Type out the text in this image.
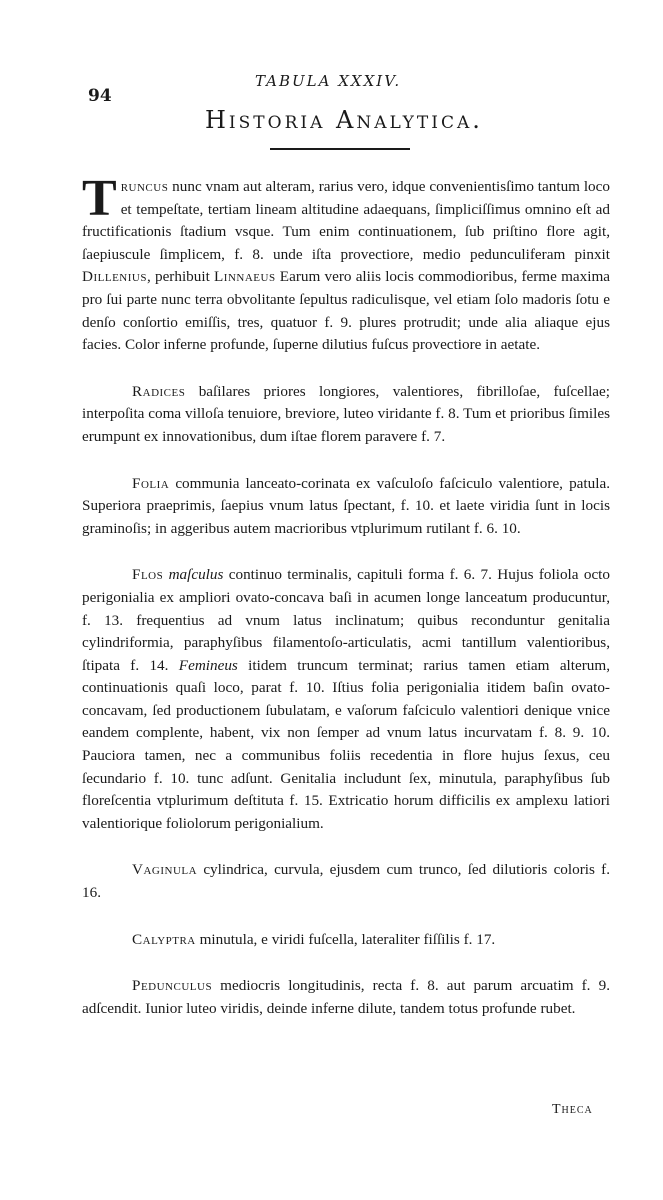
94
TABULA XXXIV.
Historia Analytica.

Truncus nunc vnam aut alteram, rarius vero, idque convenientisſimo tantum loco et tempeſtate, tertiam lineam altitudine adaequans, ſimpliciſſimus omnino eſt ad fructificationis ſtadium vsque. Tum enim continuationem, ſub priſtino flore agit, ſaepiuscule ſimplicem, f. 8. unde iſta provectiore, medio pedunculiferam pinxit Dillenius, perhibuit Linnaeus Earum vero aliis locis commodioribus, ferme maxima pro ſui parte nunc terra obvolitante ſepultus radiculisque, vel etiam ſolo madoris ſotu e denſo conſortio emiſſis, tres, quatuor f. 9. plures protrudit; unde alia aliaque ejus facies. Color inferne profunde, ſuperne dilutius fuſcus provectiore in aetate.

Radices baſilares priores longiores, valentiores, fibrilloſae, fuſcellae; interpoſita coma villoſa tenuiore, breviore, luteo viridante f. 8. Tum et prioribus ſimiles erumpunt ex innovationibus, dum iſtae florem paravere f. 7.

Folia communia lanceato-corinata ex vaſculoſo faſciculo valentiore, patula. Superiora praeprimis, ſaepius vnum latus ſpectant, f. 10. et laete viridia ſunt in locis graminoſis; in aggeribus autem macrioribus vtplurimum rutilant f. 6. 10.

Flos maſculus continuo terminalis, capituli forma f. 6. 7. Hujus foliola octo perigonialia ex ampliori ovato-concava baſi in acumen longe lanceatum producuntur, f. 13. frequentius ad vnum latus inclinatum; quibus reconduntur genitalia cylindriformia, paraphyſibus filamentoſo-articulatis, acmi tantillum valentioribus, ſtipata f. 14. Femineus itidem truncum terminat; rarius tamen etiam alterum, continuationis quaſi loco, parat f. 10. Iſtius folia perigonialia itidem baſin ovato-concavam, ſed productionem ſubulatam, e vaſorum faſciculo valentiori denique vnice eandem complente, habent, vix non ſemper ad vnum latus incurvatam f. 8. 9. 10. Pauciora tamen, nec a communibus foliis recedentia in flore hujus ſexus, ceu ſecundario f. 10. tunc adſunt. Genitalia includunt ſex, minutula, paraphyſibus ſub floreſcentia vtplurimum deſtituta f. 15. Extricatio horum difficilis ex amplexu latiori valentiorique foliolorum perigonialium.

Vaginula cylindrica, curvula, ejusdem cum trunco, ſed dilutioris coloris f. 16.

Calyptra minutula, e viridi fuſcella, lateraliter fiſſilis f. 17.

Pedunculus mediocris longitudinis, recta f. 8. aut parum arcuatim f. 9. adſcendit. Iunior luteo viridis, deinde inferne dilute, tandem totus profunde rubet.

Theca
